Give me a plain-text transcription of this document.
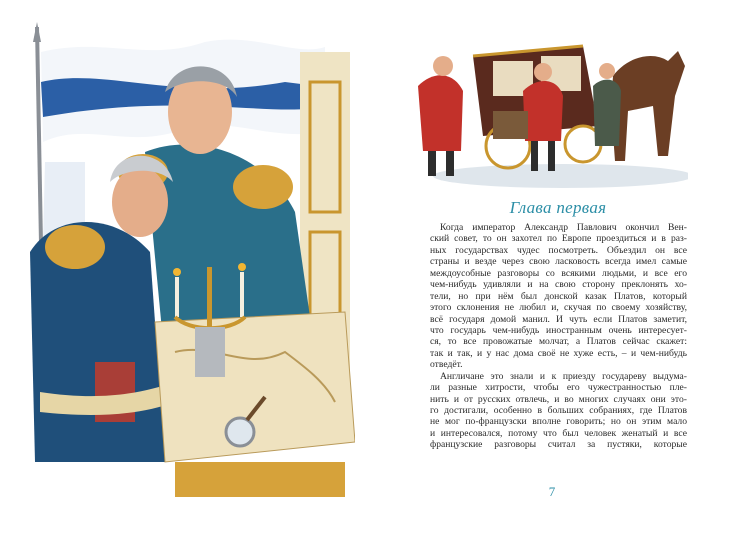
Глава первая
Когда император Александр Павлович окончил Вен-
ский совет, то он захотел по Европе проездиться и в раз-
ных государствах чудес посмотреть. Объездил он все
страны и везде через свою ласковость всегда имел самые
междоусобные разговоры со всякими людьми, и все его
чем-нибудь удивляли и на свою сторону преклонять хо-
тели, но при нём был донской казак Платов, который
этого склонения не любил и, скучая по своему хозяйству,
всё государя домой манил. И чуть если Платов заметит,
что государь чем-нибудь иностранным очень интересует-
ся, то все провожатые молчат, а Платов сейчас скажет:
так и так, и у нас дома своё не хуже есть, – и чем-нибудь
отведёт.
Англичане это знали и к приезду государеву выдума-
ли разные хитрости, чтобы его чужестранностью пле-
нить и от русских отвлечь, и во многих случаях они это-
го достигали, особенно в больших собраниях, где Платов
не мог по-французски вполне говорить; но он этим мало
и интересовался, потому что был человек женатый и все
французские разговоры считал за пустяки, которые
7
